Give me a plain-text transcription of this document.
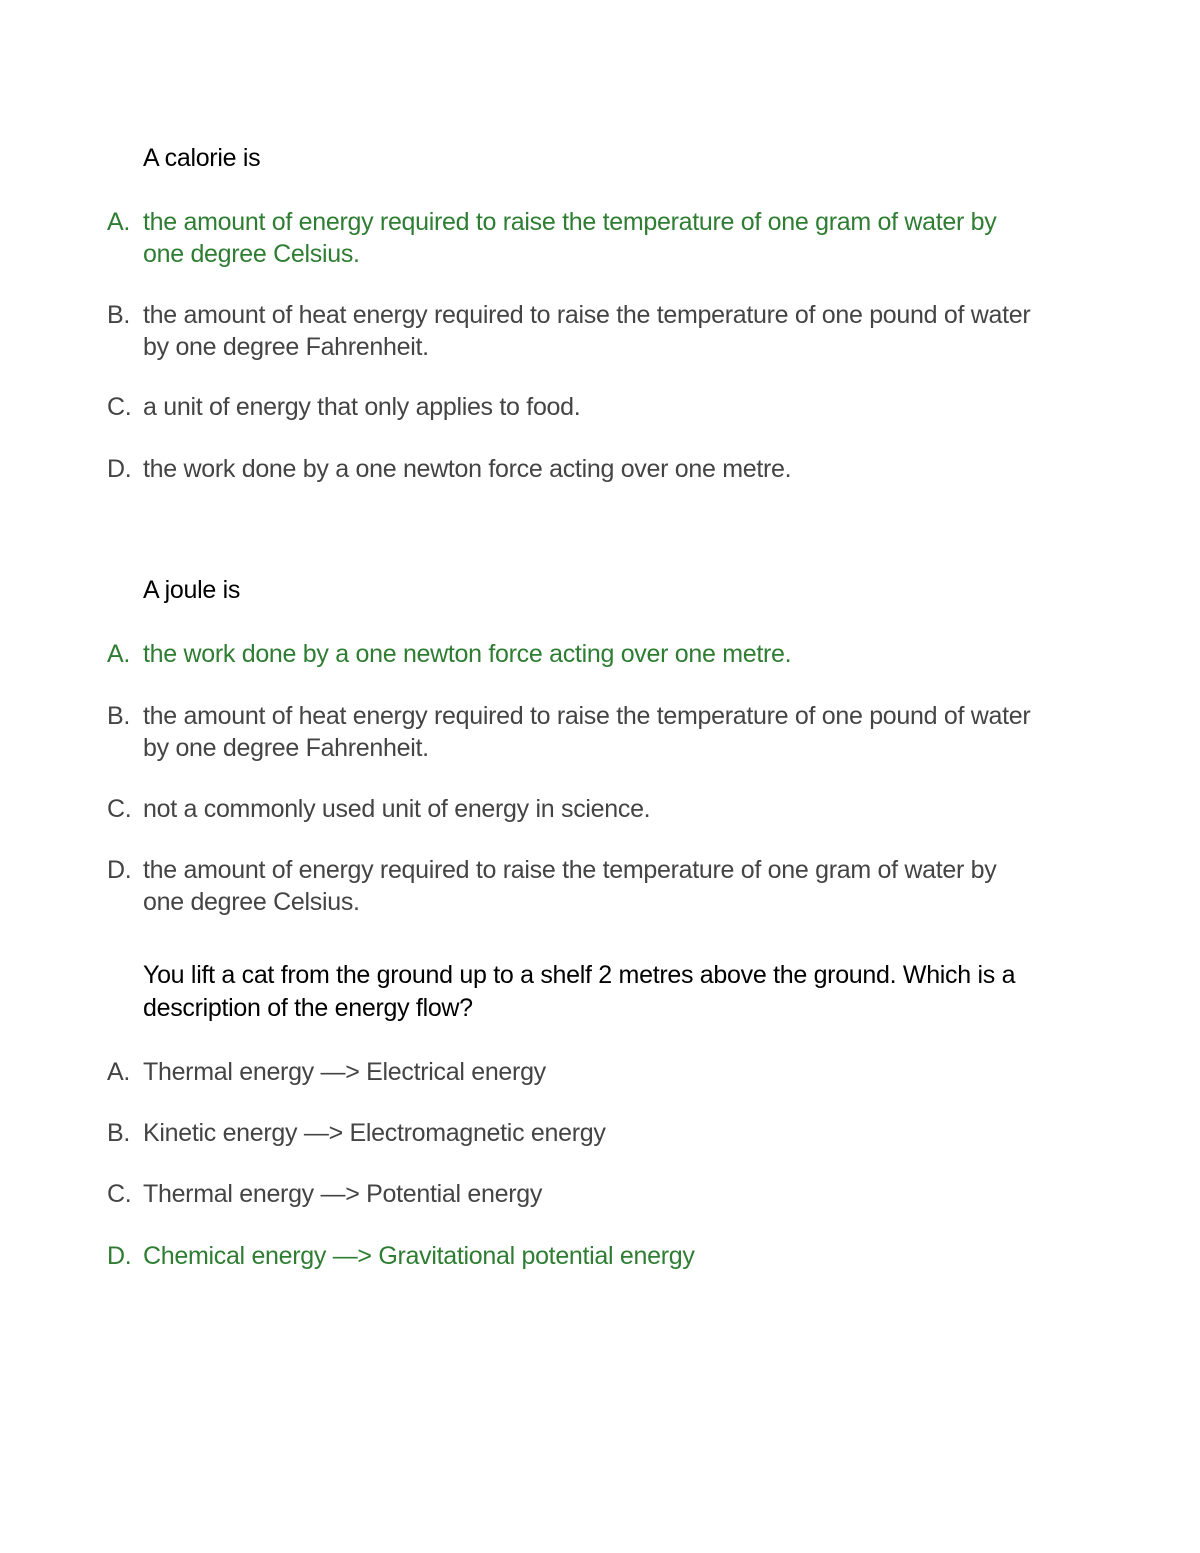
A calorie is
A. the amount of energy required to raise the temperature of one gram of water by one degree Celsius.
B. the amount of heat energy required to raise the temperature of one pound of water by one degree Fahrenheit.
C. a unit of energy that only applies to food.
D. the work done by a one newton force acting over one metre.
A joule is
A. the work done by a one newton force acting over one metre.
B. the amount of heat energy required to raise the temperature of one pound of water by one degree Fahrenheit.
C. not a commonly used unit of energy in science.
D. the amount of energy required to raise the temperature of one gram of water by one degree Celsius.
You lift a cat from the ground up to a shelf 2 metres above the ground. Which is a description of the energy flow?
A. Thermal energy —> Electrical energy
B. Kinetic energy —> Electromagnetic energy
C. Thermal energy —> Potential energy
D. Chemical energy —> Gravitational potential energy
